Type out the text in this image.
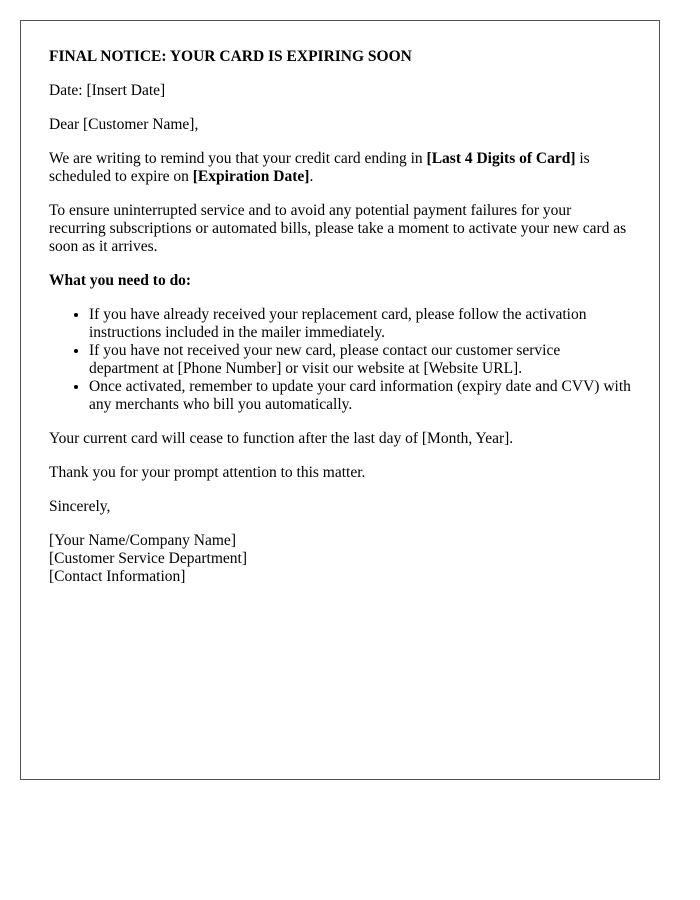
FINAL NOTICE: YOUR CARD IS EXPIRING SOON

Date: [Insert Date]

Dear [Customer Name],

We are writing to remind you that your credit card ending in [Last 4 Digits of Card] is scheduled to expire on [Expiration Date].

To ensure uninterrupted service and to avoid any potential payment failures for your recurring subscriptions or automated bills, please take a moment to activate your new card as soon as it arrives.

What you need to do:

• If you have already received your replacement card, please follow the activation instructions included in the mailer immediately.
• If you have not received your new card, please contact our customer service department at [Phone Number] or visit our website at [Website URL].
• Once activated, remember to update your card information (expiry date and CVV) with any merchants who bill you automatically.

Your current card will cease to function after the last day of [Month, Year].

Thank you for your prompt attention to this matter.

Sincerely,

[Your Name/Company Name]
[Customer Service Department]
[Contact Information]
